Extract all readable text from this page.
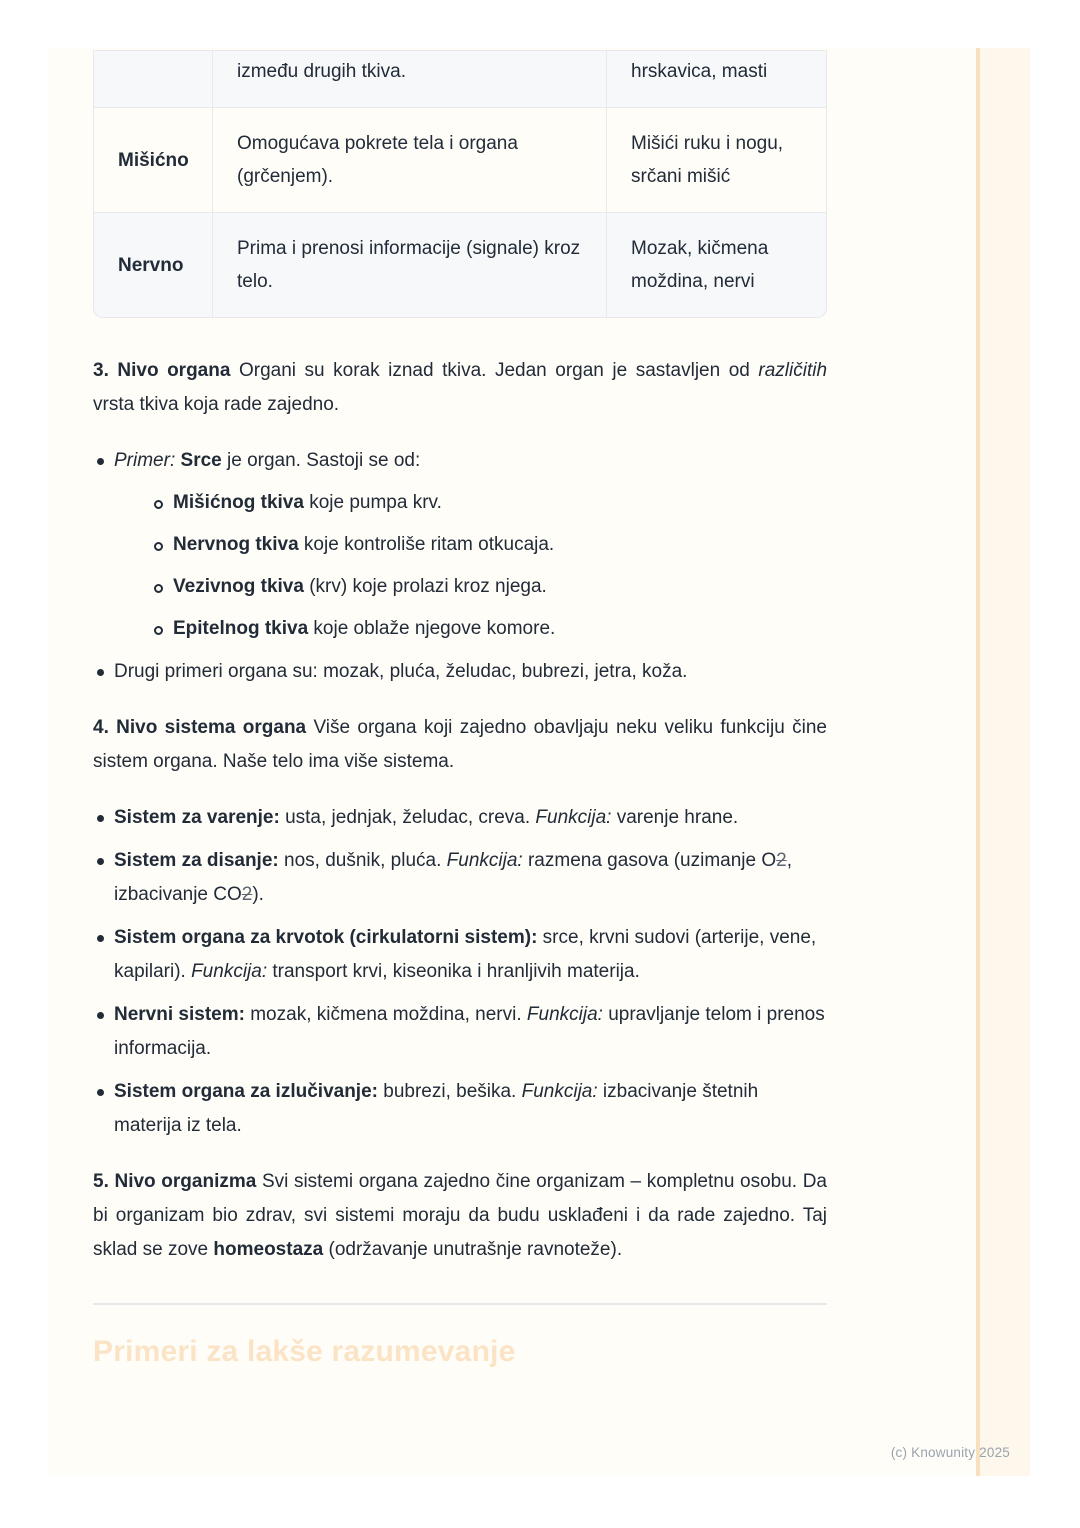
	između drugih tkiva.	hrskavica, masti
Mišićno	Omogućava pokrete tela i organa (grčenjem).	Mišići ruku i nogu, srčani mišić
Nervno	Prima i prenosi informacije (signale) kroz telo.	Mozak, kičmena moždina, nervi

3. Nivo organa Organi su korak iznad tkiva. Jedan organ je sastavljen od različitih vrsta tkiva koja rade zajedno.

Primer: Srce je organ. Sastoji se od:
Mišićnog tkiva koje pumpa krv.
Nervnog tkiva koje kontroliše ritam otkucaja.
Vezivnog tkiva (krv) koje prolazi kroz njega.
Epitelnog tkiva koje oblaže njegove komore.
Drugi primeri organa su: mozak, pluća, želudac, bubrezi, jetra, koža.

4. Nivo sistema organa Više organa koji zajedno obavljaju neku veliku funkciju čine sistem organa. Naše telo ima više sistema.

Sistem za varenje: usta, jednjak, želudac, creva. Funkcija: varenje hrane.
Sistem za disanje: nos, dušnik, pluća. Funkcija: razmena gasova (uzimanje O2, izbacivanje CO2).
Sistem organa za krvotok (cirkulatorni sistem): srce, krvni sudovi (arterije, vene, kapilari). Funkcija: transport krvi, kiseonika i hranljivih materija.
Nervni sistem: mozak, kičmena moždina, nervi. Funkcija: upravljanje telom i prenos informacija.
Sistem organa za izlučivanje: bubrezi, bešika. Funkcija: izbacivanje štetnih materija iz tela.

5. Nivo organizma Svi sistemi organa zajedno čine organizam – kompletnu osobu. Da bi organizam bio zdrav, svi sistemi moraju da budu usklađeni i da rade zajedno. Taj sklad se zove homeostaza (održavanje unutrašnje ravnoteže).

Primeri za lakše razumevanje
(c) Knowunity 2025
